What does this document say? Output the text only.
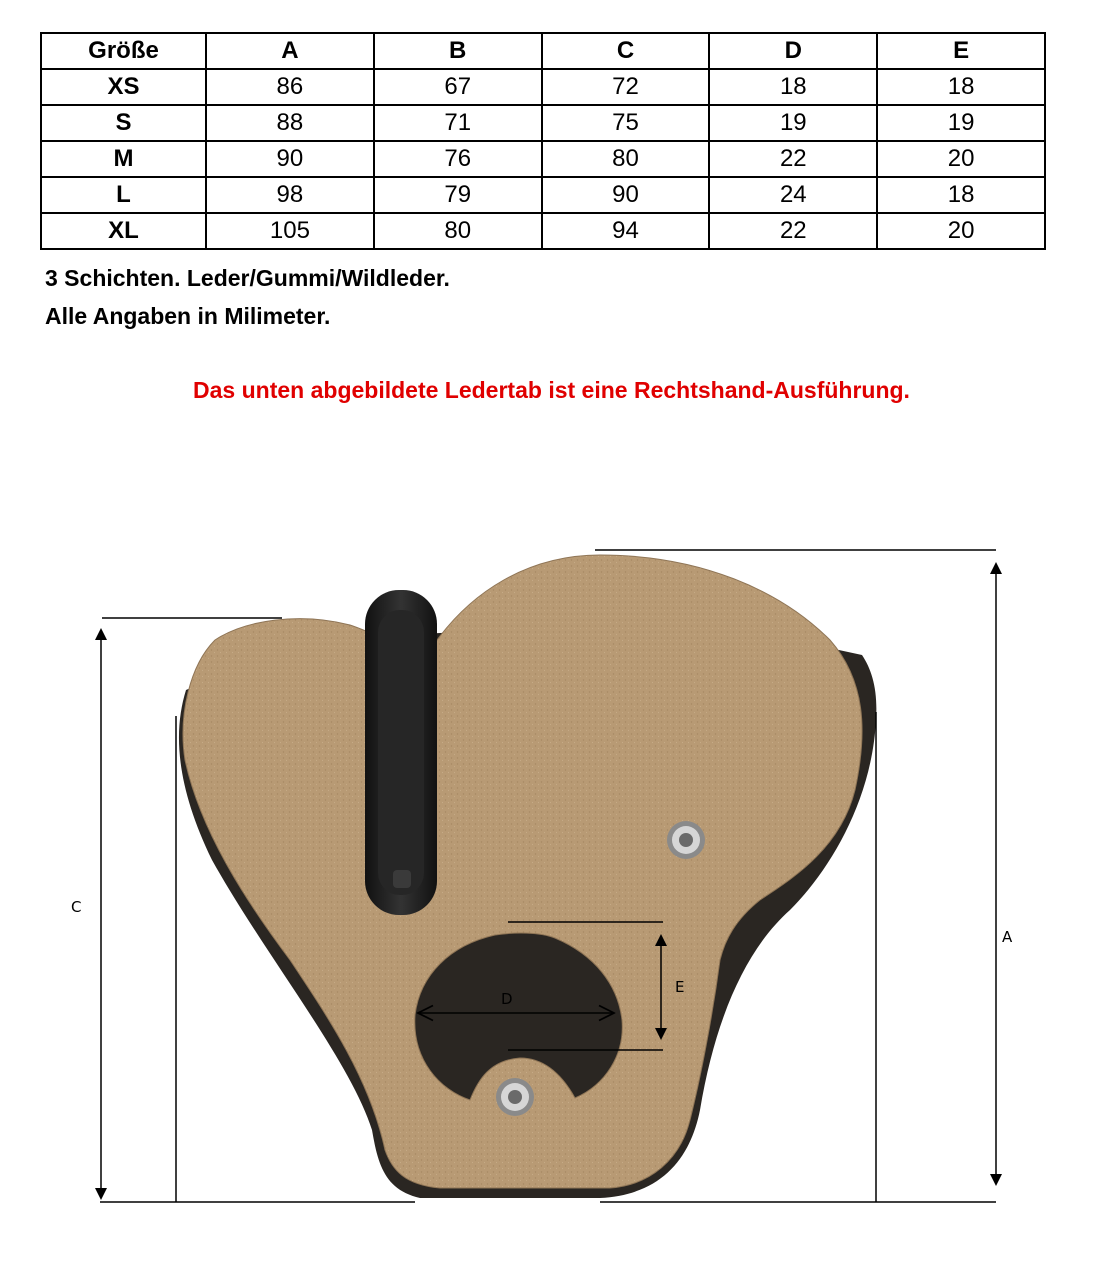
Größe	A	B	C	D	E
XS	86	67	72	18	18
S	88	71	75	19	19
M	90	76	80	22	20
L	98	79	90	24	18
XL	105	80	94	22	20
3 Schichten. Leder/Gummi/Wildleder.
Alle Angaben in Milimeter.
Das unten abgebildete Ledertab ist eine Rechtshand-Ausführung.
A
C
D
E
